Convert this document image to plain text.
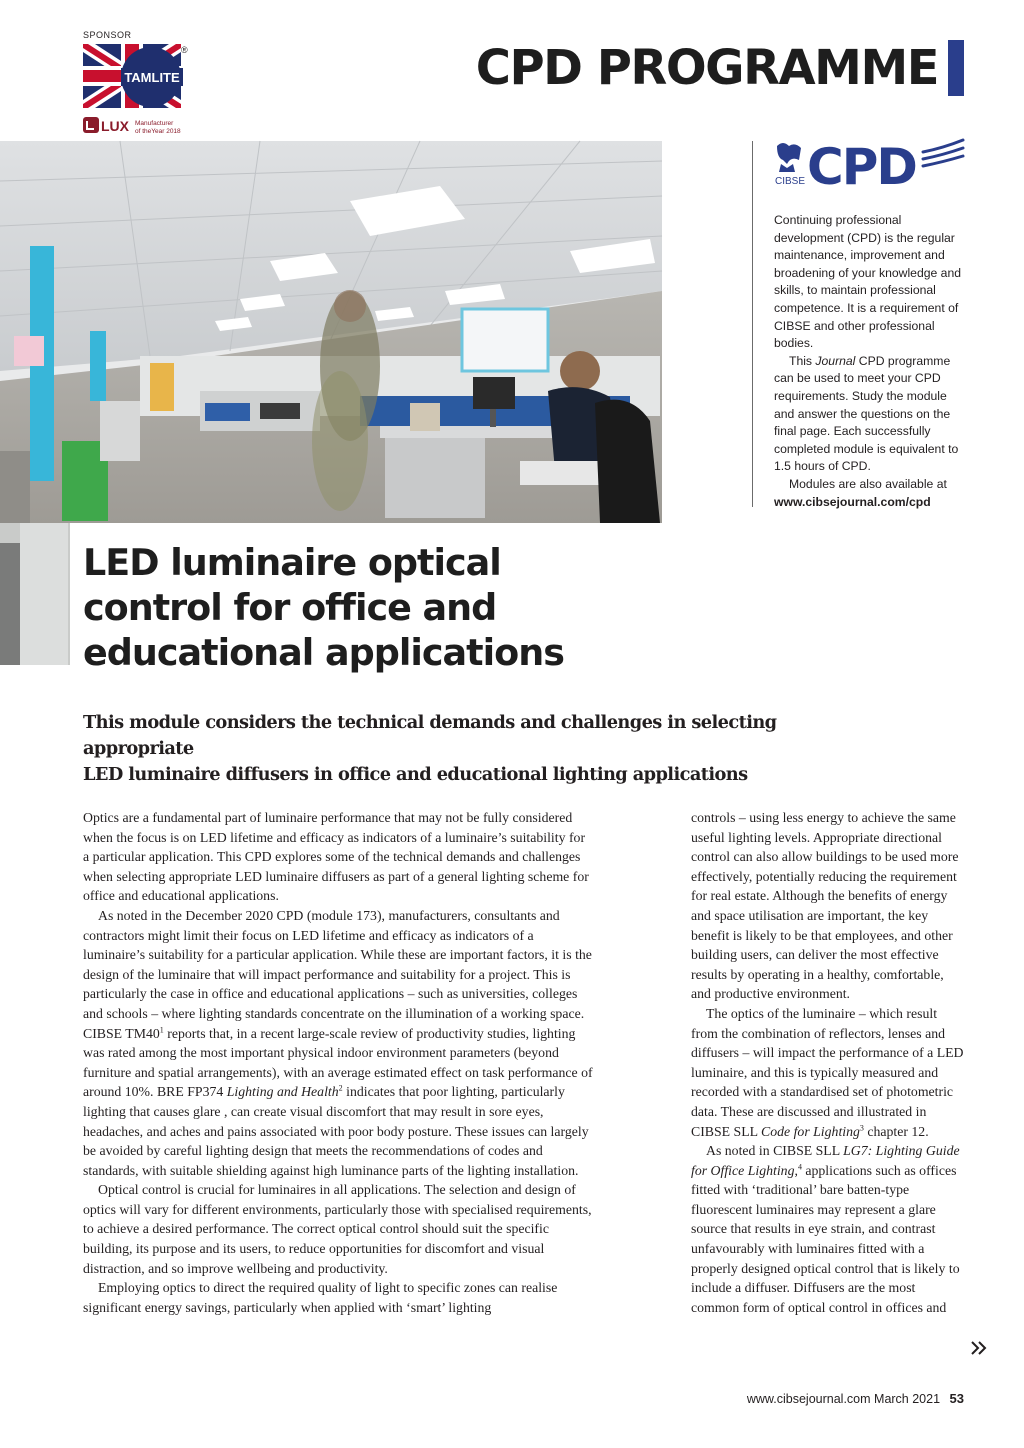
SPONSOR
TAMLITE
®
LUX Manufacturer
of theYear 2018
CPD PROGRAMME
CIBSE CPD

Continuing professional development (CPD) is the regular maintenance, improvement and broadening of your knowledge and skills, to maintain professional competence. It is a requirement of CIBSE and other professional bodies.

This Journal CPD programme can be used to meet your CPD requirements. Study the module and answer the questions on the final page. Each successfully completed module is equivalent to 1.5 hours of CPD.

Modules are also available at

www.cibsejournal.com/cpd

LED luminaire optical
control for office and
educational applications

This module considers the technical demands and challenges in selecting appropriate
LED luminaire diffusers in office and educational lighting applications

Optics are a fundamental part of luminaire performance that may not be fully considered when the focus is on LED lifetime and efficacy as indicators of a luminaire’s suitability for a particular application. This CPD explores some of the technical demands and challenges when selecting appropriate LED luminaire diffusers as part of a general lighting scheme for office and educational applications.

As noted in the December 2020 CPD (module 173), manufacturers, consultants and contractors might limit their focus on LED lifetime and efficacy as indicators of a luminaire’s suitability for a particular application. While these are important factors, it is the design of the luminaire that will impact performance and suitability for a project. This is particularly the case in office and educational applications – such as universities, colleges and schools – where lighting standards concentrate on the illumination of a working space. CIBSE $TM40^1$ reports that, in a recent large-scale review of productivity studies, lighting was rated among the most important physical indoor environment parameters (beyond furniture and spatial arrangements), with an average estimated effect on task performance of around 10%. BRE FP374 Lighting and Health$^2$ indicates that poor lighting, particularly lighting that causes glare , can create visual discomfort that may result in sore eyes, headaches, and aches and pains associated with poor body posture. These issues can largely be avoided by careful lighting design that meets the recommendations of codes and standards, with suitable shielding against high luminance parts of the lighting installation.

Optical control is crucial for luminaires in all applications. The selection and design of optics will vary for different environments, particularly those with specialised requirements, to achieve a desired performance. The correct optical control should suit the specific building, its purpose and its users, to reduce opportunities for discomfort and visual distraction, and so improve wellbeing and productivity.

Employing optics to direct the required quality of light to specific zones can realise significant energy savings, particularly when applied with ‘smart’ lighting

controls – using less energy to achieve the same useful lighting levels. Appropriate directional control can also allow buildings to be used more effectively, potentially reducing the requirement for real estate. Although the benefits of energy and space utilisation are important, the key benefit is likely to be that employees, and other building users, can deliver the most effective results by operating in a healthy, comfortable, and productive environment.

The optics of the luminaire – which result from the combination of reflectors, lenses and diffusers – will impact the performance of a LED luminaire, and this is typically measured and recorded with a standardised set of photometric data. These are discussed and illustrated in CIBSE SLL Code for Lighting$^3$ chapter 12.

As noted in CIBSE SLL LG7: Lighting Guide for Office Lighting,$^4$ applications such as offices fitted with ‘traditional’ bare batten-type fluorescent luminaires may represent a glare source that results in eye strain, and contrast unfavourably with luminaires fitted with a properly designed optical control that is likely to include a diffuser. Diffusers are the most common form of optical control in offices and

www.cibsejournal.com March 2021 53
